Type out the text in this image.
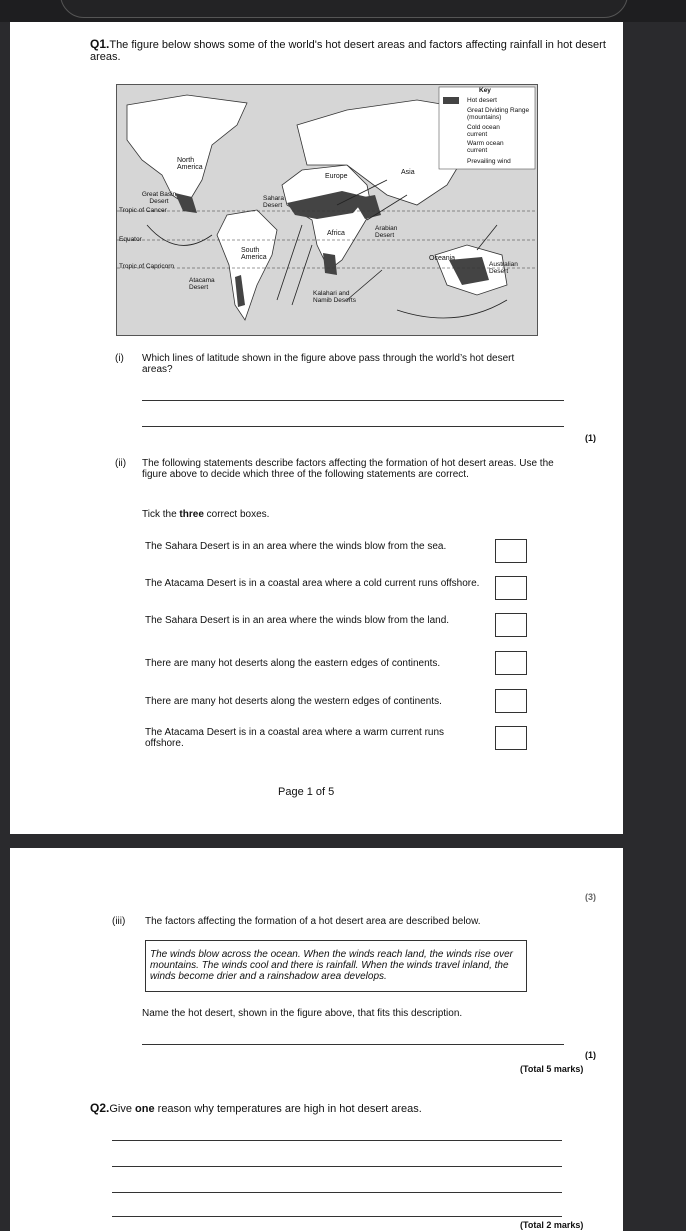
Q1.The figure below shows some of the world's hot desert areas and factors affecting rainfall in hot desert areas.
Key
Hot desert
Great Dividing Range (mountains)
Cold ocean current
Warm ocean current
Prevailing wind
North America
Europe
Asia
Africa
Great Basin Desert	Sahara Desert
Arabian Desert
Tropic of Cancer
Equator
Tropic of Capricorn
South America	Oceania
Australian Desert
Atacama Desert
Kalahari and Namib Deserts
(i) Which lines of latitude shown in the figure above pass through the world’s hot desert areas?
(1)
(ii) The following statements describe factors affecting the formation of hot desert areas. Use the figure above to decide which three of the following statements are correct.
Tick the three correct boxes.
The Sahara Desert is in an area where the winds blow from the sea.
The Atacama Desert is in a coastal area where a cold current runs offshore.
The Sahara Desert is in an area where the winds blow from the land.
There are many hot deserts along the eastern edges of continents.
There are many hot deserts along the western edges of continents.
The Atacama Desert is in a coastal area where a warm current runs offshore.
Page 1 of 5
(3)
(iii) The factors affecting the formation of a hot desert area are described below.
The winds blow across the ocean. When the winds reach land, the winds rise over mountains. The winds cool and there is rainfall. When the winds travel inland, the winds become drier and a rainshadow area develops.
Name the hot desert, shown in the figure above, that fits this description.
(1)
(Total 5 marks)
Q2.Give one reason why temperatures are high in hot desert areas.
(Total 2 marks)
